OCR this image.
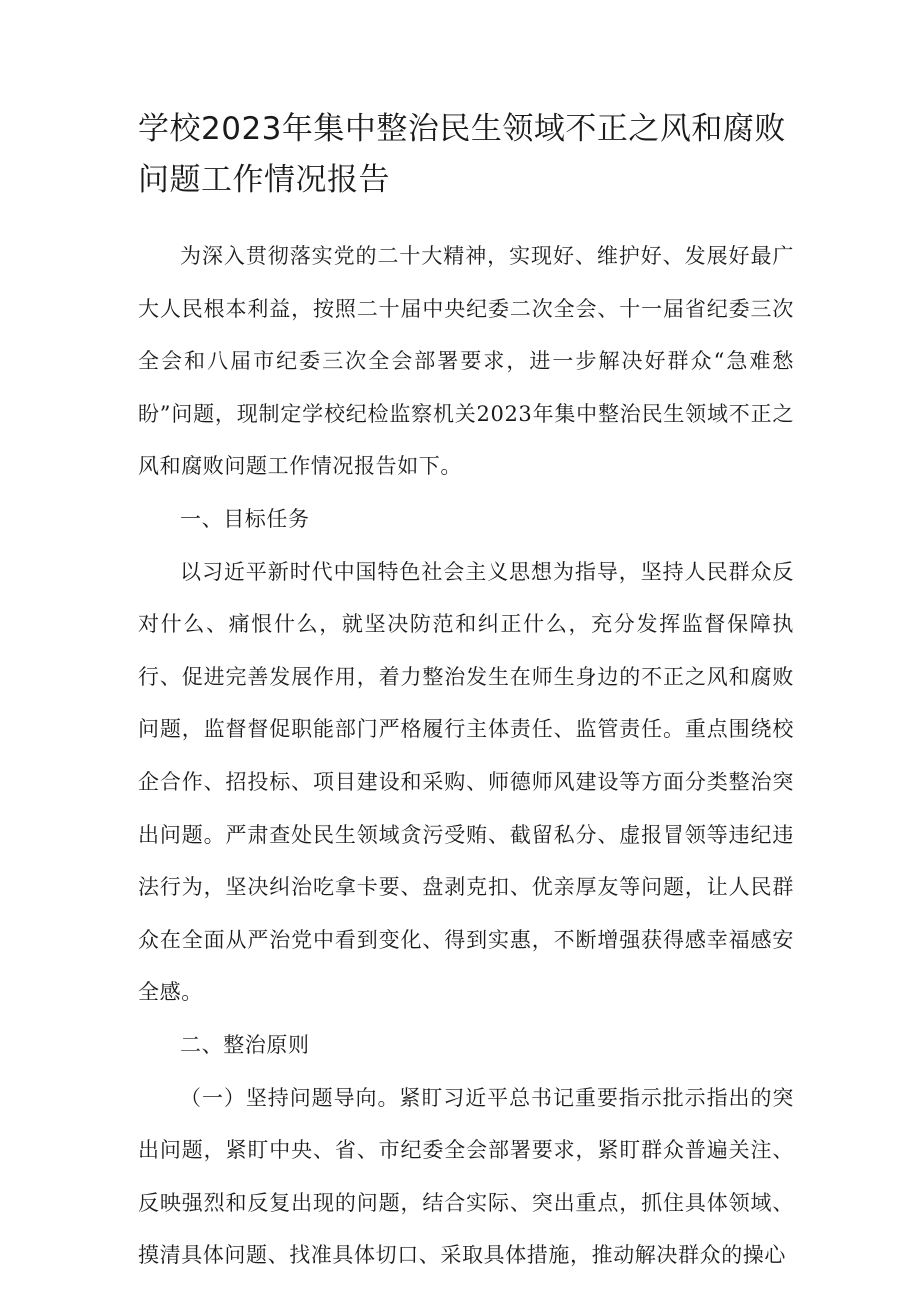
学校2023年集中整治民生领域不正之风和腐败问题工作情况报告

为深入贯彻落实党的二十大精神，实现好、维护好、发展好最广大人民根本利益，按照二十届中央纪委二次全会、十一届省纪委三次全会和八届市纪委三次全会部署要求，进一步解决好群众“急难愁盼”问题，现制定学校纪检监察机关2023年集中整治民生领域不正之风和腐败问题工作情况报告如下。

一、目标任务

以习近平新时代中国特色社会主义思想为指导，坚持人民群众反对什么、痛恨什么，就坚决防范和纠正什么，充分发挥监督保障执行、促进完善发展作用，着力整治发生在师生身边的不正之风和腐败问题，监督督促职能部门严格履行主体责任、监管责任。重点围绕校企合作、招投标、项目建设和采购、师德师风建设等方面分类整治突出问题。严肃查处民生领域贪污受贿、截留私分、虚报冒领等违纪违法行为，坚决纠治吃拿卡要、盘剥克扣、优亲厚友等问题，让人民群众在全面从严治党中看到变化、得到实惠，不断增强获得感幸福感安全感。

二、整治原则

（一）坚持问题导向。紧盯习近平总书记重要指示批示指出的突出问题，紧盯中央、省、市纪委全会部署要求，紧盯群众普遍关注、反映强烈和反复出现的问题，结合实际、突出重点，抓住具体领域、摸清具体问题、找准具体切口、采取具体措施，推动解决群众的操心
